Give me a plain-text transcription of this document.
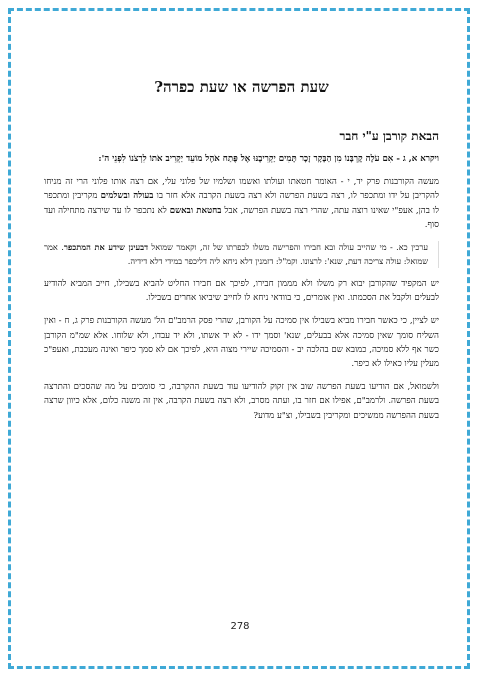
שעת הפרשה או שעת כפרה?
הבאת קורבן ע"י חבר

ויקרא א, ג - אִם עֹלָה קָרְבָּנוֹ מִן הַבָּקָר זָכָר תָּמִים יַקְרִיבֶנּוּ אֶל פֶּתַח אֹהֶל מוֹעֵד יַקְרִיב אֹתוֹ לִרְצֹנוֹ לִפְנֵי ה':

מעשה הקורבנות פרק יד, י - האומר חטאתו ועולתו ואשמו ושלמיו של פלוני עלי, אם רצה אותו פלוני הרי זה מניחו להקריבן על ידו ומתכפר לו, רצה בשעת הפרשה ולא רצה בשעת הקרבה אלא חזר בו בעולה ובשלמים מקריבין ומתכפר לו בהן, אעפ"י שאינו רוצה עתה, שהרי רצה בשעת הפרשה, אבל בחטאת ובאשם לא נתכפר לו עד שירצה מתחילה ועד סוף.

ערכין כא. - מי שהייב עולה ובא חבירו והפרישה משלו לכפרתו של זה, וקאמר שמואל דבעינן שידע את המתכפר. אמר שמואל: עולה צריכה דעת, שנא': לרצונו. וקמ"ל: דזמנין דלא ניחא ליה דליכפר במידי דלא דידיה.

יש המקפיד שהקורבן יבוא רק משלו ולא מממון חבירו, לפיכך אם חבירו החליט להביא בשבילו, חייב המביא להודיע לבעלים ולקבל את הסכמתו. ואין אומרים, כי בוודאי ניחא לו לחייב שיביאו אחרים בשבילו.

יש לציין, כי כאשר חבירו מביא בשבילו אין סמיכה על הקורבן, שהרי פסק הרמב"ם הל' מעשה הקורבנות פרק ג, ח - ואין השליח סומך שאין סמיכה אלא בבעלים, שנא' וסמך ידו - לא יד אשתו, ולא יד עבדו, ולא שלוחו. אלא שמ"מ הקורבן כשר אף ללא סמיכה, כמובא שם בהלכה יב - והסמיכה שיירי מצוה היא, לפיכך אם לא סמך כיפר ואינה מעכבת, ואעפ"כ מעלין עליו כאילו לא כיפר.

ולשמואל, אם הודיעו בשעת הפרשה שוב אין זקוק להודיעו עוד בשעת ההקרבה, כי סומכים על מה שהסכים והתרצה בשעת הפרשה. ולרמב"ם, אפילו אם חזר בו, ועתה מסרב, ולא רצה בשעת הקרבה, אין זה משנה כלום, אלא כיוון שרצה בשעת ההפרשה ממשיכים ומקריבין בשבילו, וצ"ע מדוע?

278
